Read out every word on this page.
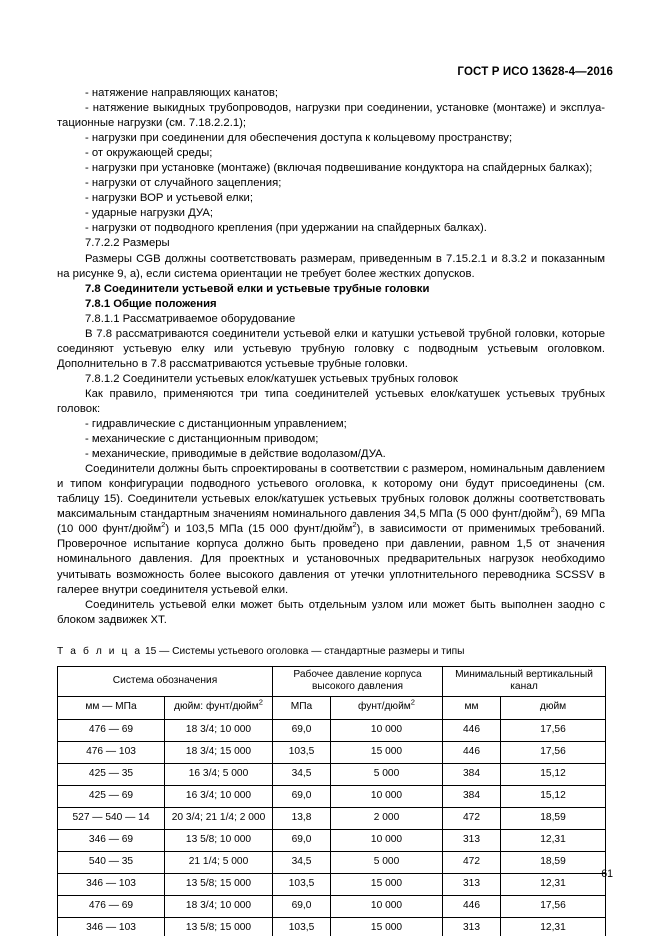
ГОСТ Р ИСО 13628-4—2016

- натяжение направляющих канатов;

- натяжение выкидных трубопроводов, нагрузки при соединении, установке (монтаже) и эксплуа-тационные нагрузки (см. 7.18.2.2.1);

- нагрузки при соединении для обеспечения доступа к кольцевому пространству;

- от окружающей среды;

- нагрузки при установке (монтаже) (включая подвешивание кондуктора на спайдерных балках);

- нагрузки от случайного зацепления;

- нагрузки ВОР и устьевой елки;

- ударные нагрузки ДУА;

- нагрузки от подводного крепления (при удержании на спайдерных балках).

7.7.2.2 Размеры

Размеры CGB должны соответствовать размерам, приведенным в 7.15.2.1 и 8.3.2 и показанным на рисунке 9, а), если система ориентации не требует более жестких допусков.

7.8 Соединители устьевой елки и устьевые трубные головки
7.8.1 Общие положения

7.8.1.1 Рассматриваемое оборудование

В 7.8 рассматриваются соединители устьевой елки и катушки устьевой трубной головки, которые соединяют устьевую елку или устьевую трубную головку с подводным устьевым оголовком. Дополнительно в 7.8 рассматриваются устьевые трубные головки.

7.8.1.2 Соединители устьевых елок/катушек устьевых трубных головок

Как правило, применяются три типа соединителей устьевых елок/катушек устьевых трубных головок:

- гидравлические с дистанционным управлением;

- механические с дистанционным приводом;

- механические, приводимые в действие водолазом/ДУА.

Соединители должны быть спроектированы в соответствии с размером, номинальным давлением и типом конфигурации подводного устьевого оголовка, к которому они будут присоединены (см. таблицу 15). Соединители устьевых елок/катушек устьевых трубных головок должны соответствовать максимальным стандартным значениям номинального давления 34,5 МПа (5 000 фунт/дюйм$^2$), 69 МПа (10 000 фунт/дюйм$^2$) и 103,5 МПа (15 000 фунт/дюйм$^2$), в зависимости от применимых требований. Проверочное испытание корпуса должно быть проведено при давлении, равном 1,5 от значения номинального давления. Для проектных и установочных предварительных нагрузок необходимо учитывать возможность более высокого давления от утечки уплотнительного переводника SCSSV в галерее внутри соединителя устьевой елки.

Соединитель устьевой елки может быть отдельным узлом или может быть выполнен заодно с блоком задвижек XT.

Т а б л и ц а 15 — Системы устьевого оголовка — стандартные размеры и типы

Система обозначения		Рабочее давление корпуса высокого давления		Минимальный вертикальный канал	
мм — МПа	дюйм: фунт/дюйм$^2$	МПа	фунт/дюйм$^2$	мм	дюйм
476 — 69	18 3/4; 10 000	69,0	10 000	446	17,56
476 — 103	18 3/4; 15 000	103,5	15 000	446	17,56
425 — 35	16 3/4; 5 000	34,5	5 000	384	15,12
425 — 69	16 3/4; 10 000	69,0	10 000	384	15,12
527 — 540 — 14	20 3/4; 21 1/4; 2 000	13,8	2 000	472	18,59
346 — 69	13 5/8; 10 000	69,0	10 000	313	12,31
540 — 35	21 1/4; 5 000	34,5	5 000	472	18,59
346 — 103	13 5/8; 15 000	103,5	15 000	313	12,31
476 — 69	18 3/4; 10 000	69,0	10 000	446	17,56
346 — 103	13 5/8; 15 000	103,5	15 000	313	12,31
61
